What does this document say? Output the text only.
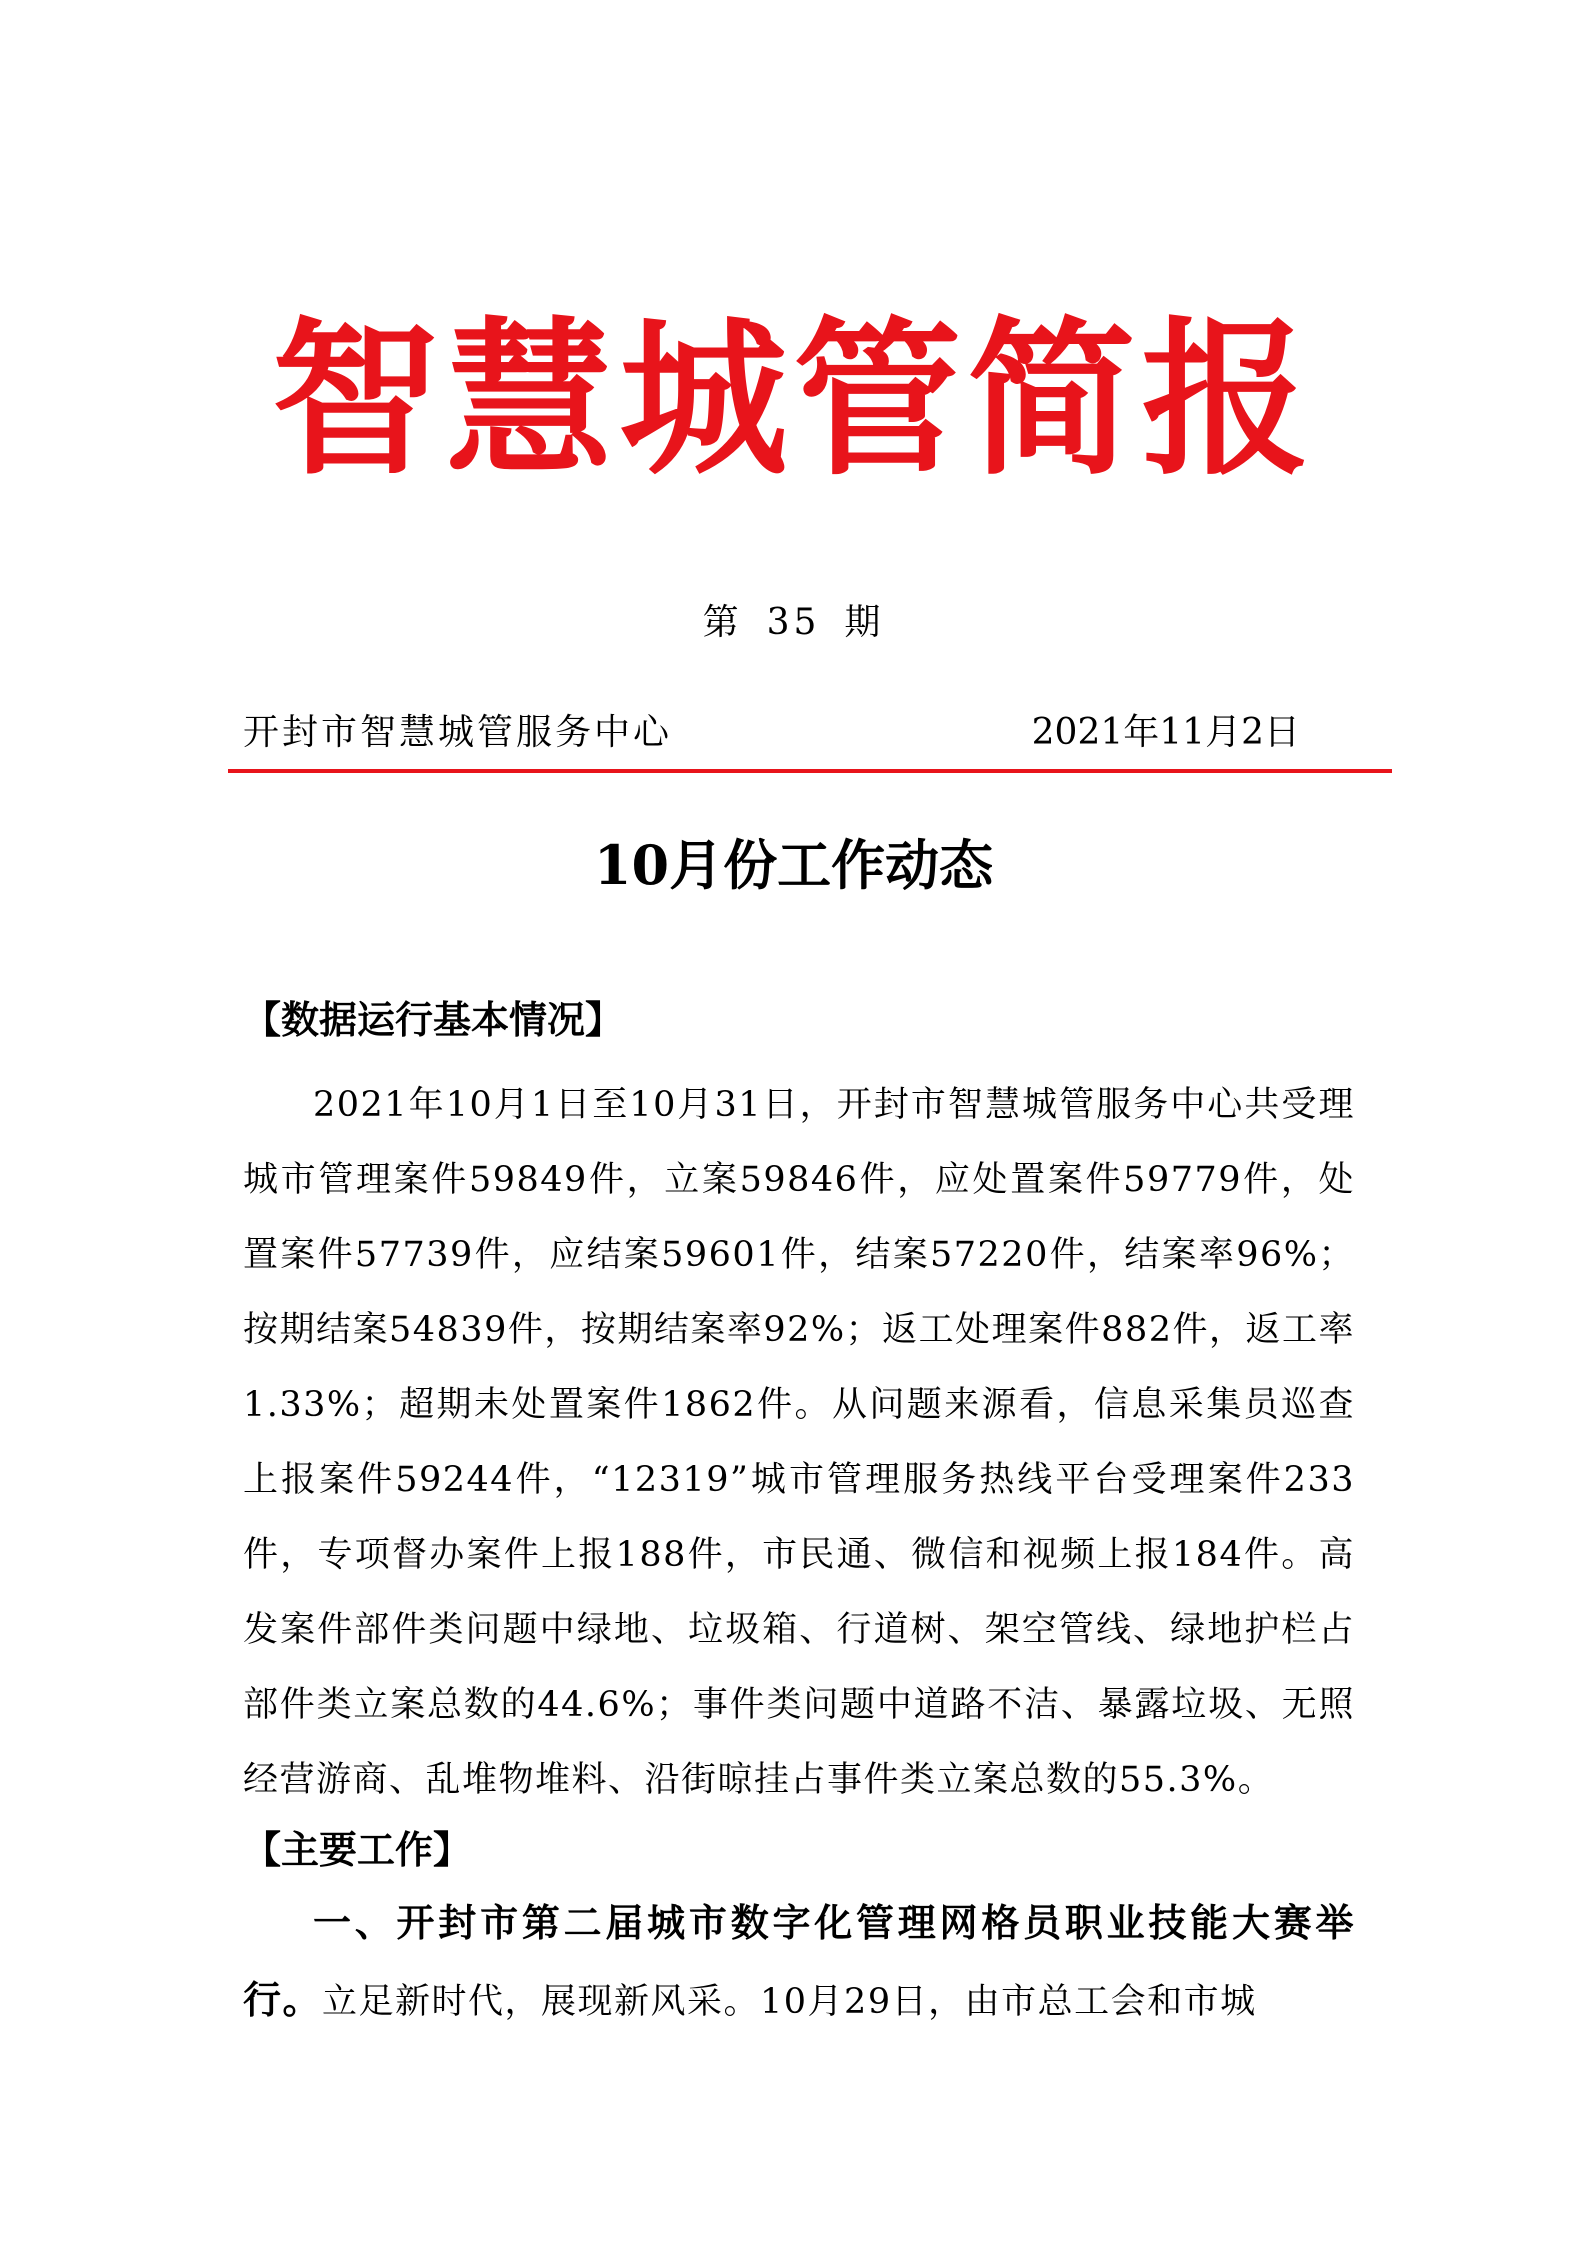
智慧城管简报
第 35 期
开封市智慧城管服务中心	2021年11月2日
10月份工作动态
【数据运行基本情况】
2021年10月1日至10月31日，开封市智慧城管服务中心共受理城市管理案件59849件，立案59846件，应处置案件59779件，处置案件57739件，应结案59601件，结案57220件，结案率96%；按期结案54839件，按期结案率92%；返工处理案件882件，返工率1.33%；超期未处置案件1862件。从问题来源看，信息采集员巡查上报案件59244件，“12319”城市管理服务热线平台受理案件233件，专项督办案件上报188件，市民通、微信和视频上报184件。高发案件部件类问题中绿地、垃圾箱、行道树、架空管线、绿地护栏占部件类立案总数的44.6%；事件类问题中道路不洁、暴露垃圾、无照经营游商、乱堆物堆料、沿街晾挂占事件类立案总数的55.3%。
【主要工作】
一、开封市第二届城市数字化管理网格员职业技能大赛举行。立足新时代，展现新风采。10月29日，由市总工会和市城
